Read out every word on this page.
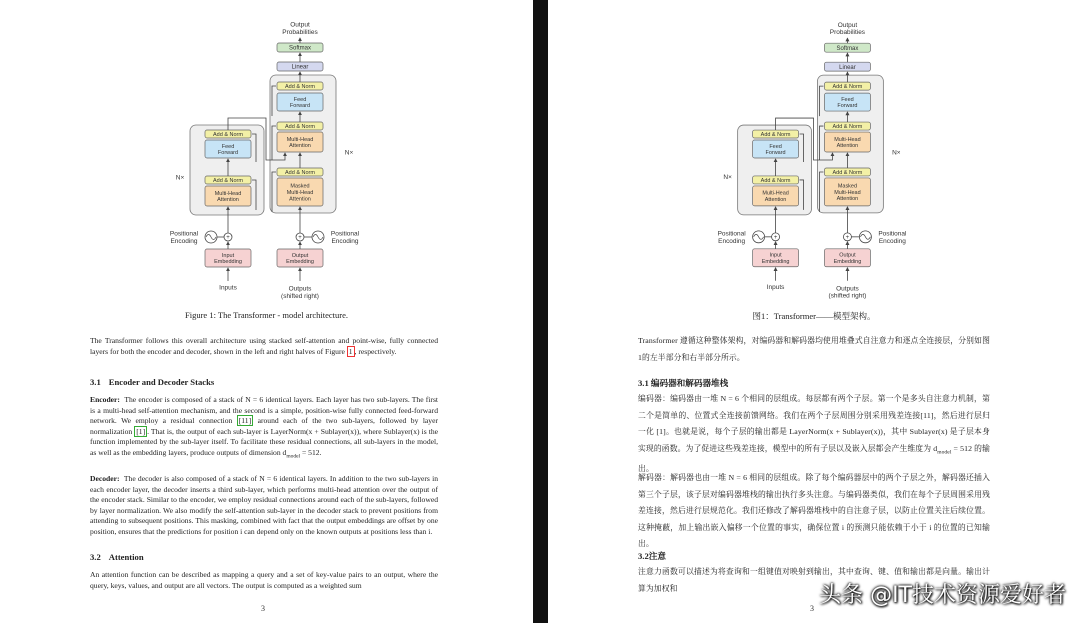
Output Probabilities
Softmax
Linear
Add & Norm
Feed Forward
Add & Norm
Multi-Head Attention
Add & Norm
Masked Multi-Head Attention
Add & Norm
Feed Forward
Add & Norm
Multi-Head Attention
N×
N×
+	+
Positional Encoding
Positional Encoding
Input Embedding
Output Embedding
Inputs	Outputs (shifted right)
Figure 1: The Transformer - model architecture.
The Transformer follows this overall architecture using stacked self-attention and point-wise, fully connected layers for both the encoder and decoder, shown in the left and right halves of Figure 1 , respectively.
3.1 Encoder and Decoder Stacks
Encoder: The encoder is composed of a stack of N = 6 identical layers. Each layer has two sub-layers. The first is a multi-head self-attention mechanism, and the second is a simple, position-wise fully connected feed-forward network. We employ a residual connection [11] around each of the two sub-layers, followed by layer normalization [1] . That is, the output of each sub-layer is LayerNorm(x + Sublayer(x)), where Sublayer(x) is the function implemented by the sub-layer itself. To facilitate these residual connections, all sub-layers in the model, as well as the embedding layers, produce outputs of dimension $d_{model} = 512$.
Decoder: The decoder is also composed of a stack of N = 6 identical layers. In addition to the two sub-layers in each encoder layer, the decoder inserts a third sub-layer, which performs multi-head attention over the output of the encoder stack. Similar to the encoder, we employ residual connections around each of the sub-layers, followed by layer normalization. We also modify the self-attention sub-layer in the decoder stack to prevent positions from attending to subsequent positions. This masking, combined with fact that the output embeddings are offset by one position, ensures that the predictions for position i can depend only on the known outputs at positions less than i.
3.2 Attention
An attention function can be described as mapping a query and a set of key-value pairs to an output, where the query, keys, values, and output are all vectors. The output is computed as a weighted sum
3
Output Probabilities
Softmax
Linear
Add & Norm
Feed Forward
Add & Norm
Multi-Head Attention
Add & Norm
Masked Multi-Head Attention
Add & Norm
Feed Forward
Add & Norm
Multi-Head Attention
N×
N×
+	+
Positional Encoding
Positional Encoding
Input Embedding
Output Embedding
Inputs	Outputs (shifted right)
图1：Transformer——模型架构。
Transformer 遵循这种整体架构，对编码器和解码器均使用堆叠式自注意力和逐点全连接层，分别如图1的左半部分和右半部分所示。
3.1 编码器和解码器堆栈
编码器：编码器由一堆 N = 6 个相同的层组成。每层都有两个子层。第一个是多头自注意力机制，第二个是简单的、位置式全连接前馈网络。我们在两个子层周围分别采用残差连接[11]，然后进行层归一化 [1]。也就是说，每个子层的输出都是 LayerNorm(x + Sublayer(x))，其中 Sublayer(x) 是子层本身实现的函数。为了促进这些残差连接，模型中的所有子层以及嵌入层都会产生维度为 $d_{model} = 512$ 的输出。
解码器：解码器也由一堆 N = 6 相同的层组成。除了每个编码器层中的两个子层之外，解码器还插入第三个子层，该子层对编码器堆栈的输出执行多头注意。与编码器类似，我们在每个子层周围采用残差连接，然后进行层规范化。我们还修改了解码器堆栈中的自注意子层，以防止位置关注后续位置。这种掩蔽，加上输出嵌入偏移一个位置的事实，确保位置 i 的预测只能依赖于小于 i 的位置的已知输出。
3.2注意
注意力函数可以描述为将查询和一组键值对映射到输出，其中查询、键、值和输出都是向量。输出计算为加权和
3
头条 @IT技术资源爱好者
